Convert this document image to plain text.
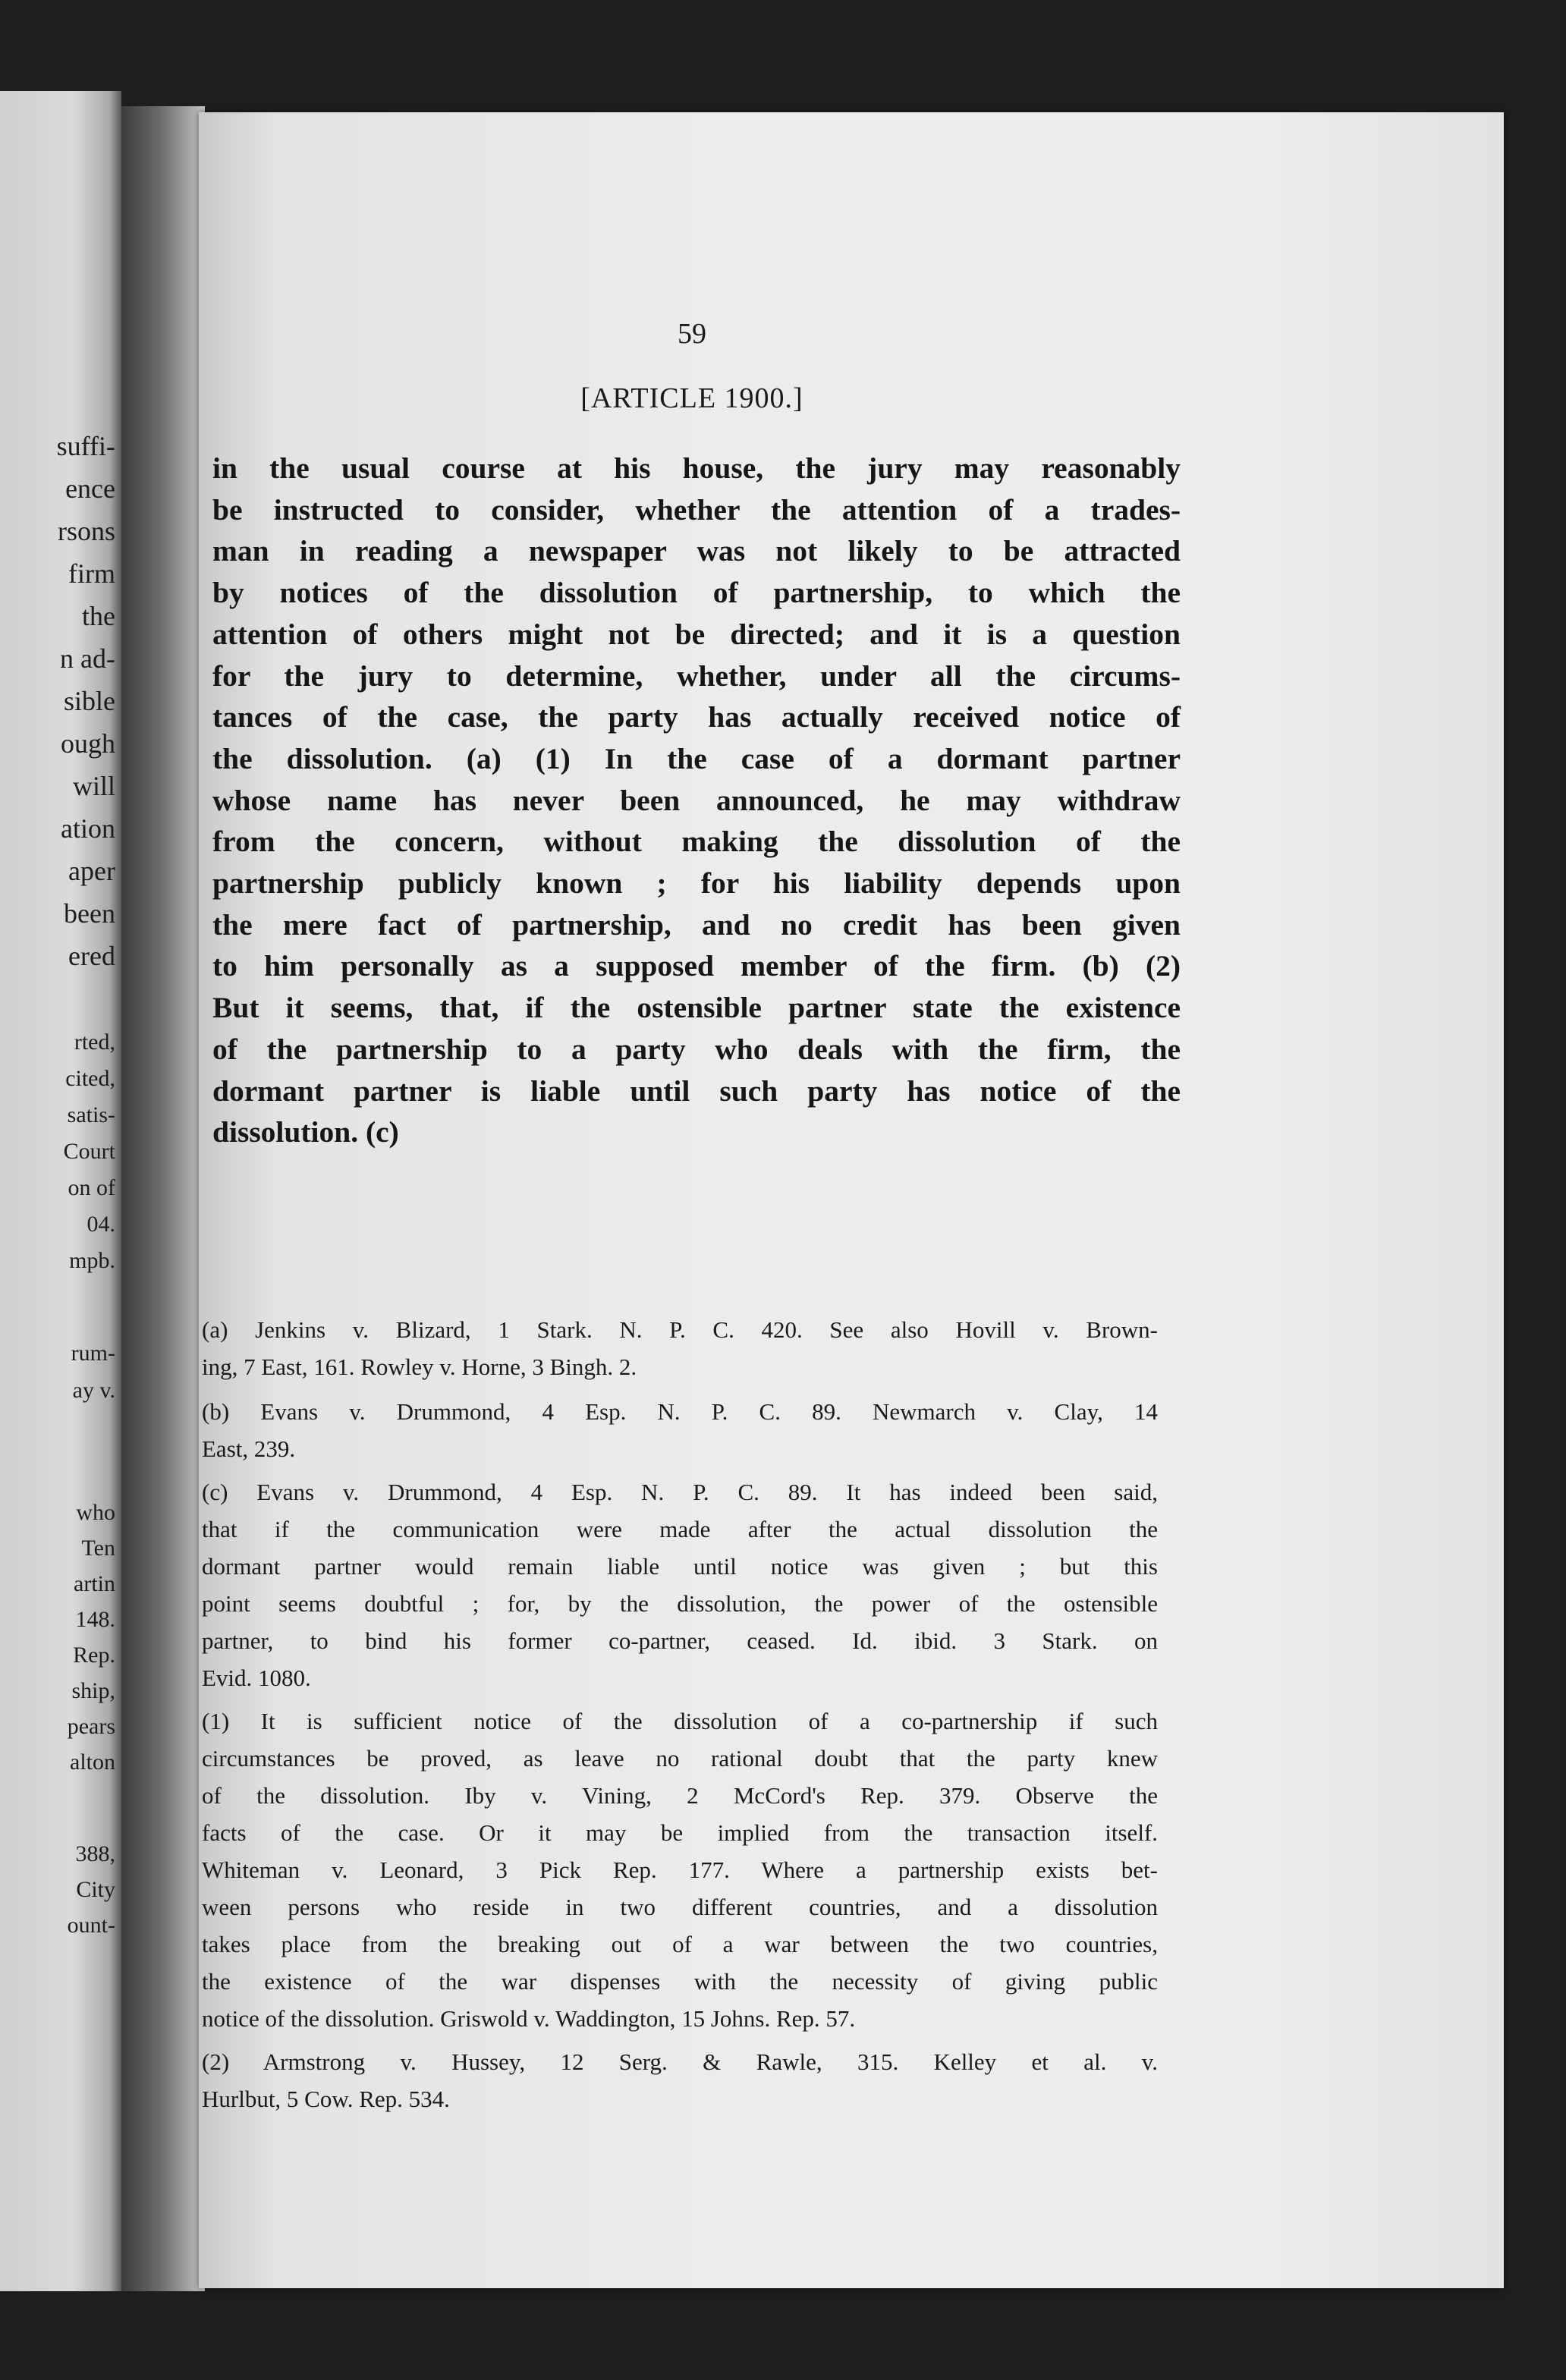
suffi-
ence
rsons
firm
the
n ad-
sible
ough
will
ation
aper
been
ered
rted,
cited,
satis-
Court
on of
04.
mpb.
rum-
ay v.
who
Ten
artin
148.
Rep.
ship,
pears
alton
388,
City
ount-
59
[ARTICLE 1900.]
in the usual course at his house, the jury may reasonably
be instructed to consider, whether the attention of a trades-
man in reading a newspaper was not likely to be attracted
by notices of the dissolution of partnership, to which the
attention of others might not be directed; and it is a question
for the jury to determine, whether, under all the circums-
tances of the case, the party has actually received notice of
the dissolution. (a) (1) In the case of a dormant partner
whose name has never been announced, he may withdraw
from the concern, without making the dissolution of the
partnership publicly known ; for his liability depends upon
the mere fact of partnership, and no credit has been given
to him personally as a supposed member of the firm. (b) (2)
But it seems, that, if the ostensible partner state the existence
of the partnership to a party who deals with the firm, the
dormant partner is liable until such party has notice of the
dissolution. (c)
(a) Jenkins v. Blizard, 1 Stark. N. P. C. 420. See also Hovill v. Brown-
ing, 7 East, 161. Rowley v. Horne, 3 Bingh. 2.
(b) Evans v. Drummond, 4 Esp. N. P. C. 89. Newmarch v. Clay, 14
East, 239.
(c) Evans v. Drummond, 4 Esp. N. P. C. 89. It has indeed been said,
that if the communication were made after the actual dissolution the
dormant partner would remain liable until notice was given ; but this
point seems doubtful ; for, by the dissolution, the power of the ostensible
partner, to bind his former co-partner, ceased. Id. ibid. 3 Stark. on
Evid. 1080.
(1) It is sufficient notice of the dissolution of a co-partnership if such
circumstances be proved, as leave no rational doubt that the party knew
of the dissolution. Iby v. Vining, 2 McCord's Rep. 379. Observe the
facts of the case. Or it may be implied from the transaction itself.
Whiteman v. Leonard, 3 Pick Rep. 177. Where a partnership exists bet-
ween persons who reside in two different countries, and a dissolution
takes place from the breaking out of a war between the two countries,
the existence of the war dispenses with the necessity of giving public
notice of the dissolution. Griswold v. Waddington, 15 Johns. Rep. 57.
(2) Armstrong v. Hussey, 12 Serg. & Rawle, 315. Kelley et al. v.
Hurlbut, 5 Cow. Rep. 534.
